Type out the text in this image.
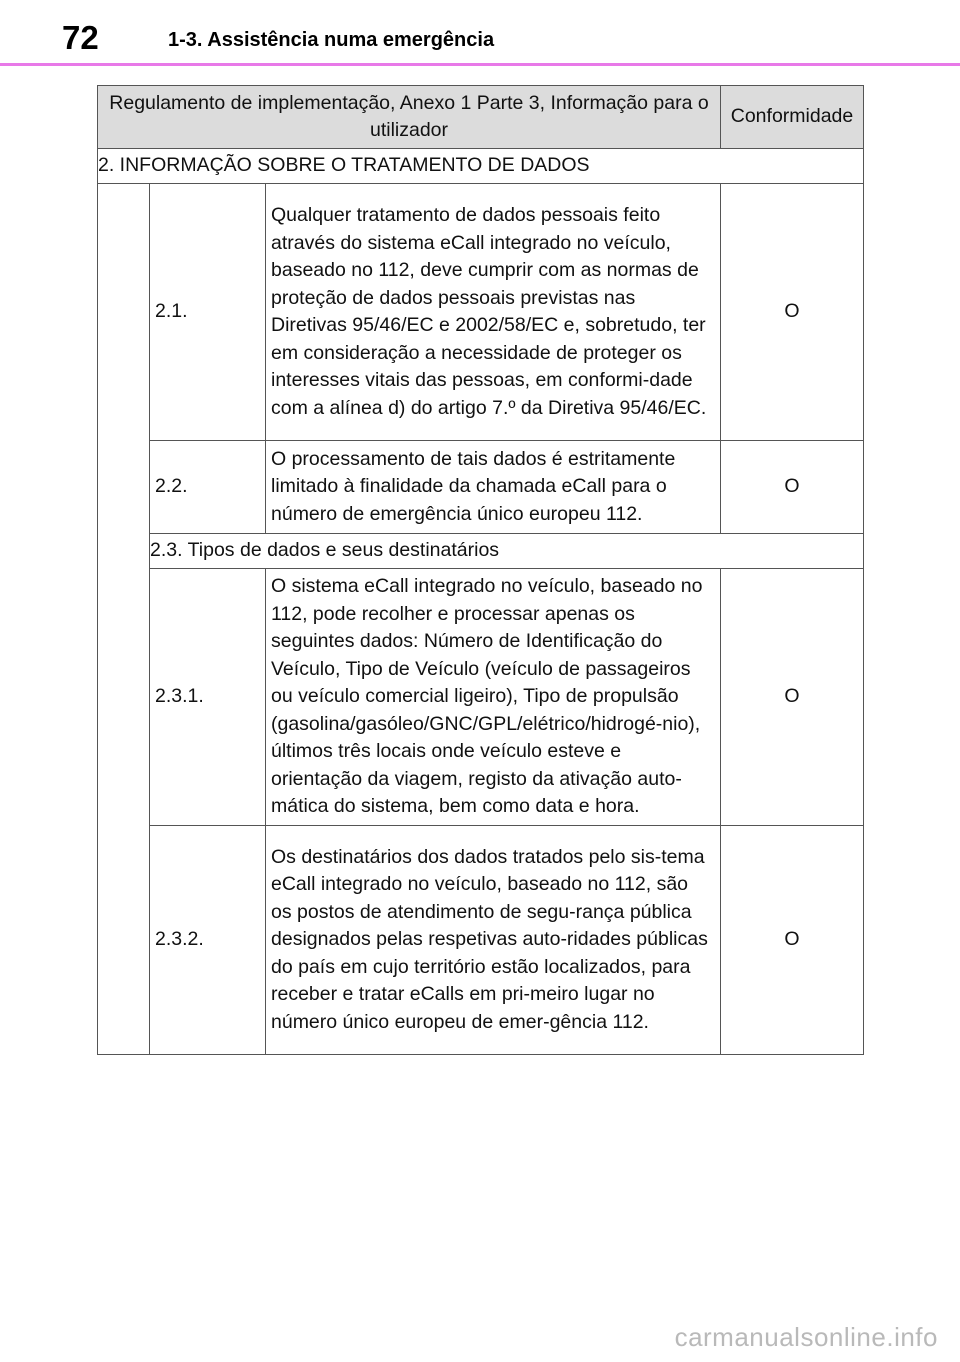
72	1-3. Assistência numa emergência
Regulamento de implementação, Anexo 1 Parte 3, Informação para o utilizador			Conformidade
2. INFORMAÇÃO SOBRE O TRATAMENTO DE DADOS			
	2.1.	Qualquer tratamento de dados pessoais feito através do sistema eCall integrado no veículo, baseado no 112, deve cumprir com as normas de proteção de dados pessoais previstas nas Diretivas 95/46/EC e 2002/58/EC e, sobretudo, ter em consideração a necessidade de proteger os interesses vitais das pessoas, em conformi-dade com a alínea d) do artigo 7.º da Diretiva 95/46/EC.	O
	2.2.	O processamento de tais dados é estritamente limitado à finalidade da chamada eCall para o número de emergência único europeu 112.	O
	2.3. Tipos de dados e seus destinatários		
	2.3.1.	O sistema eCall integrado no veículo, baseado no 112, pode recolher e processar apenas os seguintes dados: Número de Identificação do Veículo, Tipo de Veículo (veículo de passageiros ou veículo comercial ligeiro), Tipo de propulsão (gasolina/gasóleo/GNC/GPL/elétrico/hidrogé-nio), últimos três locais onde veículo esteve e orientação da viagem, registo da ativação auto-mática do sistema, bem como data e hora.	O
	2.3.2.	Os destinatários dos dados tratados pelo sis-tema eCall integrado no veículo, baseado no 112, são os postos de atendimento de segu-rança pública designados pelas respetivas auto-ridades públicas do país em cujo território estão localizados, para receber e tratar eCalls em pri-meiro lugar no número único europeu de emer-gência 112.	O
carmanualsonline.info
